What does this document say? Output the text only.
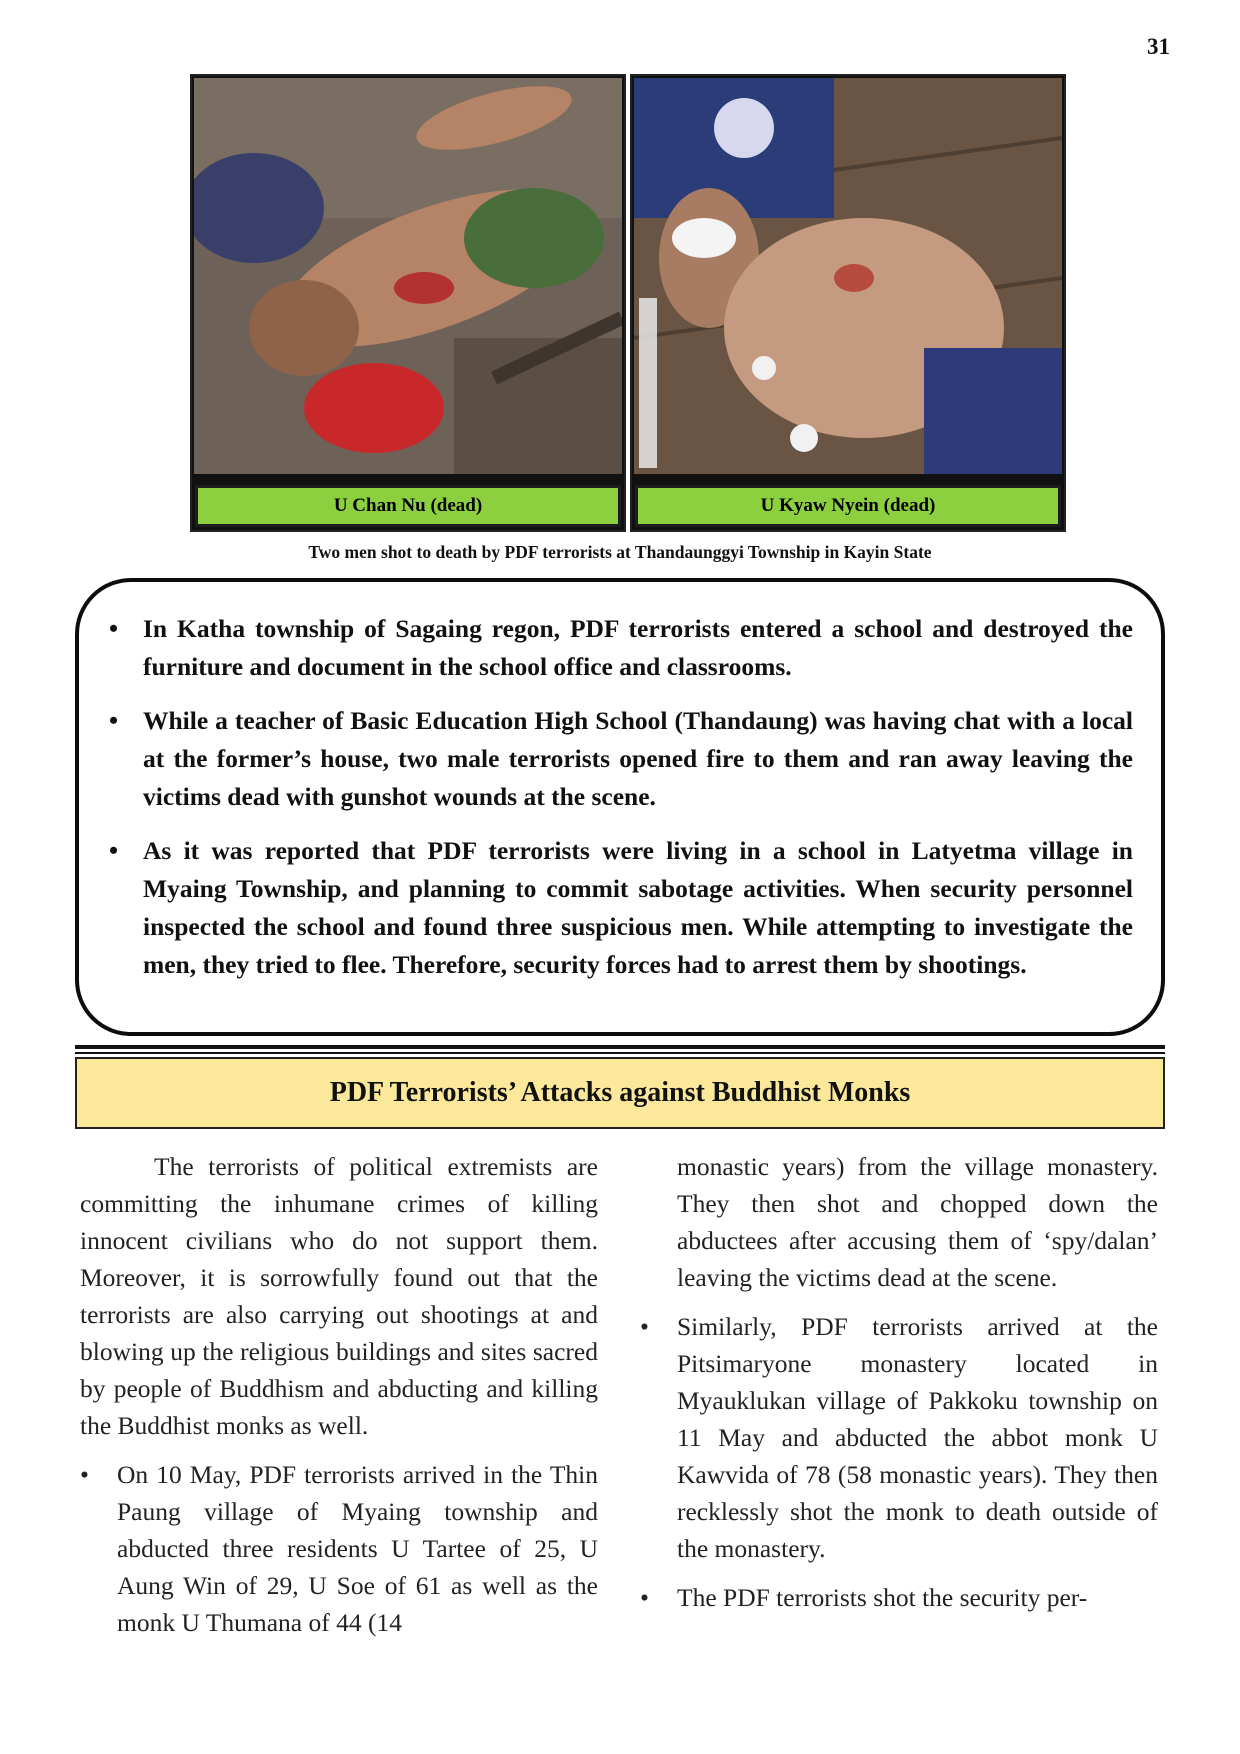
31
U Chan Nu (dead)	U Kyaw Nyein (dead)
Two men shot to death by PDF terrorists at Thandaunggyi Township in Kayin State
• In Katha township of Sagaing regon, PDF terrorists entered a school and destroyed the furniture and document in the school office and classrooms.
• While a teacher of Basic Education High School (Thandaung) was having chat with a local at the former’s house, two male terrorists opened fire to them and ran away leaving the victims dead with gunshot wounds at the scene.
• As it was reported that PDF terrorists were living in a school in Latyetma village in Myaing Township, and planning to commit sabotage activities. When security personnel inspected the school and found three suspicious men. While attempting to investigate the men, they tried to flee. Therefore, security forces had to arrest them by shootings.
PDF Terrorists’ Attacks against Buddhist Monks

The terrorists of political extremists are committing the inhumane crimes of killing innocent civilians who do not support them. Moreover, it is sorrowfully found out that the terrorists are also carrying out shootings at and blowing up the religious buildings and sites sacred by people of Buddhism and abducting and killing the Buddhist monks as well.

• On 10 May, PDF terrorists arrived in the Thin Paung village of Myaing township and abducted three residents U Tartee of 25, U Aung Win of 29, U Soe of 61 as well as the monk U Thumana of 44 (14

monastic years) from the village monastery. They then shot and chopped down the abductees after accusing them of ‘spy/dalan’ leaving the victims dead at the scene.

• Similarly, PDF terrorists arrived at the Pitsimaryone monastery located in Myauklukan village of Pakkoku township on 11 May and abducted the abbot monk U Kawvida of 78 (58 monastic years). They then recklessly shot the monk to death outside of the monastery.
• The PDF terrorists shot the security per-
